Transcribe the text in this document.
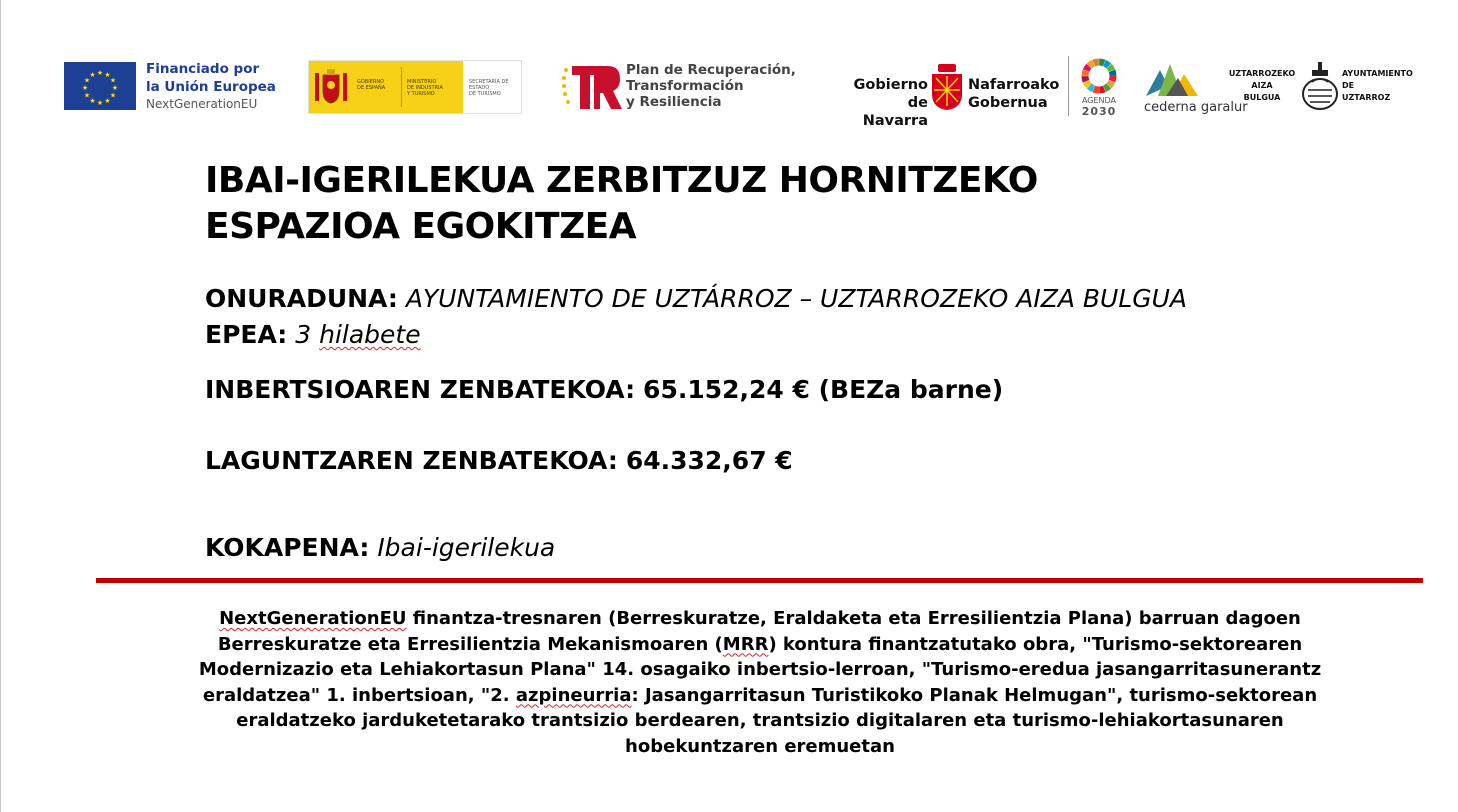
★ ★
★
★
★
★
★
★
★
★
★
★	Financiado por
la Unión Europea
NextGenerationEU
GOBIERNO
DE ESPAÑA
MINISTERIO
DE INDUSTRIA
Y TURISMO
SECRETARÍA DE ESTADO
DE TURISMO
Plan de Recuperación,
Transformación
y Resiliencia
Gobierno
de Navarra
Nafarroako
Gobernua	AGENDA
2030	cederna garalur
UZTARROZEKO
AIZA
BULGUA
AYUNTAMIENTO
DE
UZTARROZ
IBAI-IGERILEKUA ZERBITZUZ HORNITZEKO
ESPAZIOA EGOKITZEA
ONURADUNA: AYUNTAMIENTO DE UZTÁRROZ – UZTARROZEKO AIZA BULGUA
EPEA: 3 hilabete
INBERTSIOAREN ZENBATEKOA: 65.152,24 € (BEZa barne)
LAGUNTZAREN ZENBATEKOA: 64.332,67 €
KOKAPENA: Ibai-igerilekua
NextGenerationEU finantza-tresnaren (Berreskuratze, Eraldaketa eta Erresilientzia Plana) barruan dagoen
Berreskuratze eta Erresilientzia Mekanismoaren (MRR) kontura finantzatutako obra, "Turismo-sektorearen
Modernizazio eta Lehiakortasun Plana" 14. osagaiko inbertsio-lerroan, "Turismo-eredua jasangarritasunerantz
eraldatzea" 1. inbertsioan, "2. azpineurria: Jasangarritasun Turistikoko Planak Helmugan", turismo-sektorean
eraldatzeko jarduketetarako trantsizio berdearen, trantsizio digitalaren eta turismo-lehiakortasunaren
hobekuntzaren eremuetan
